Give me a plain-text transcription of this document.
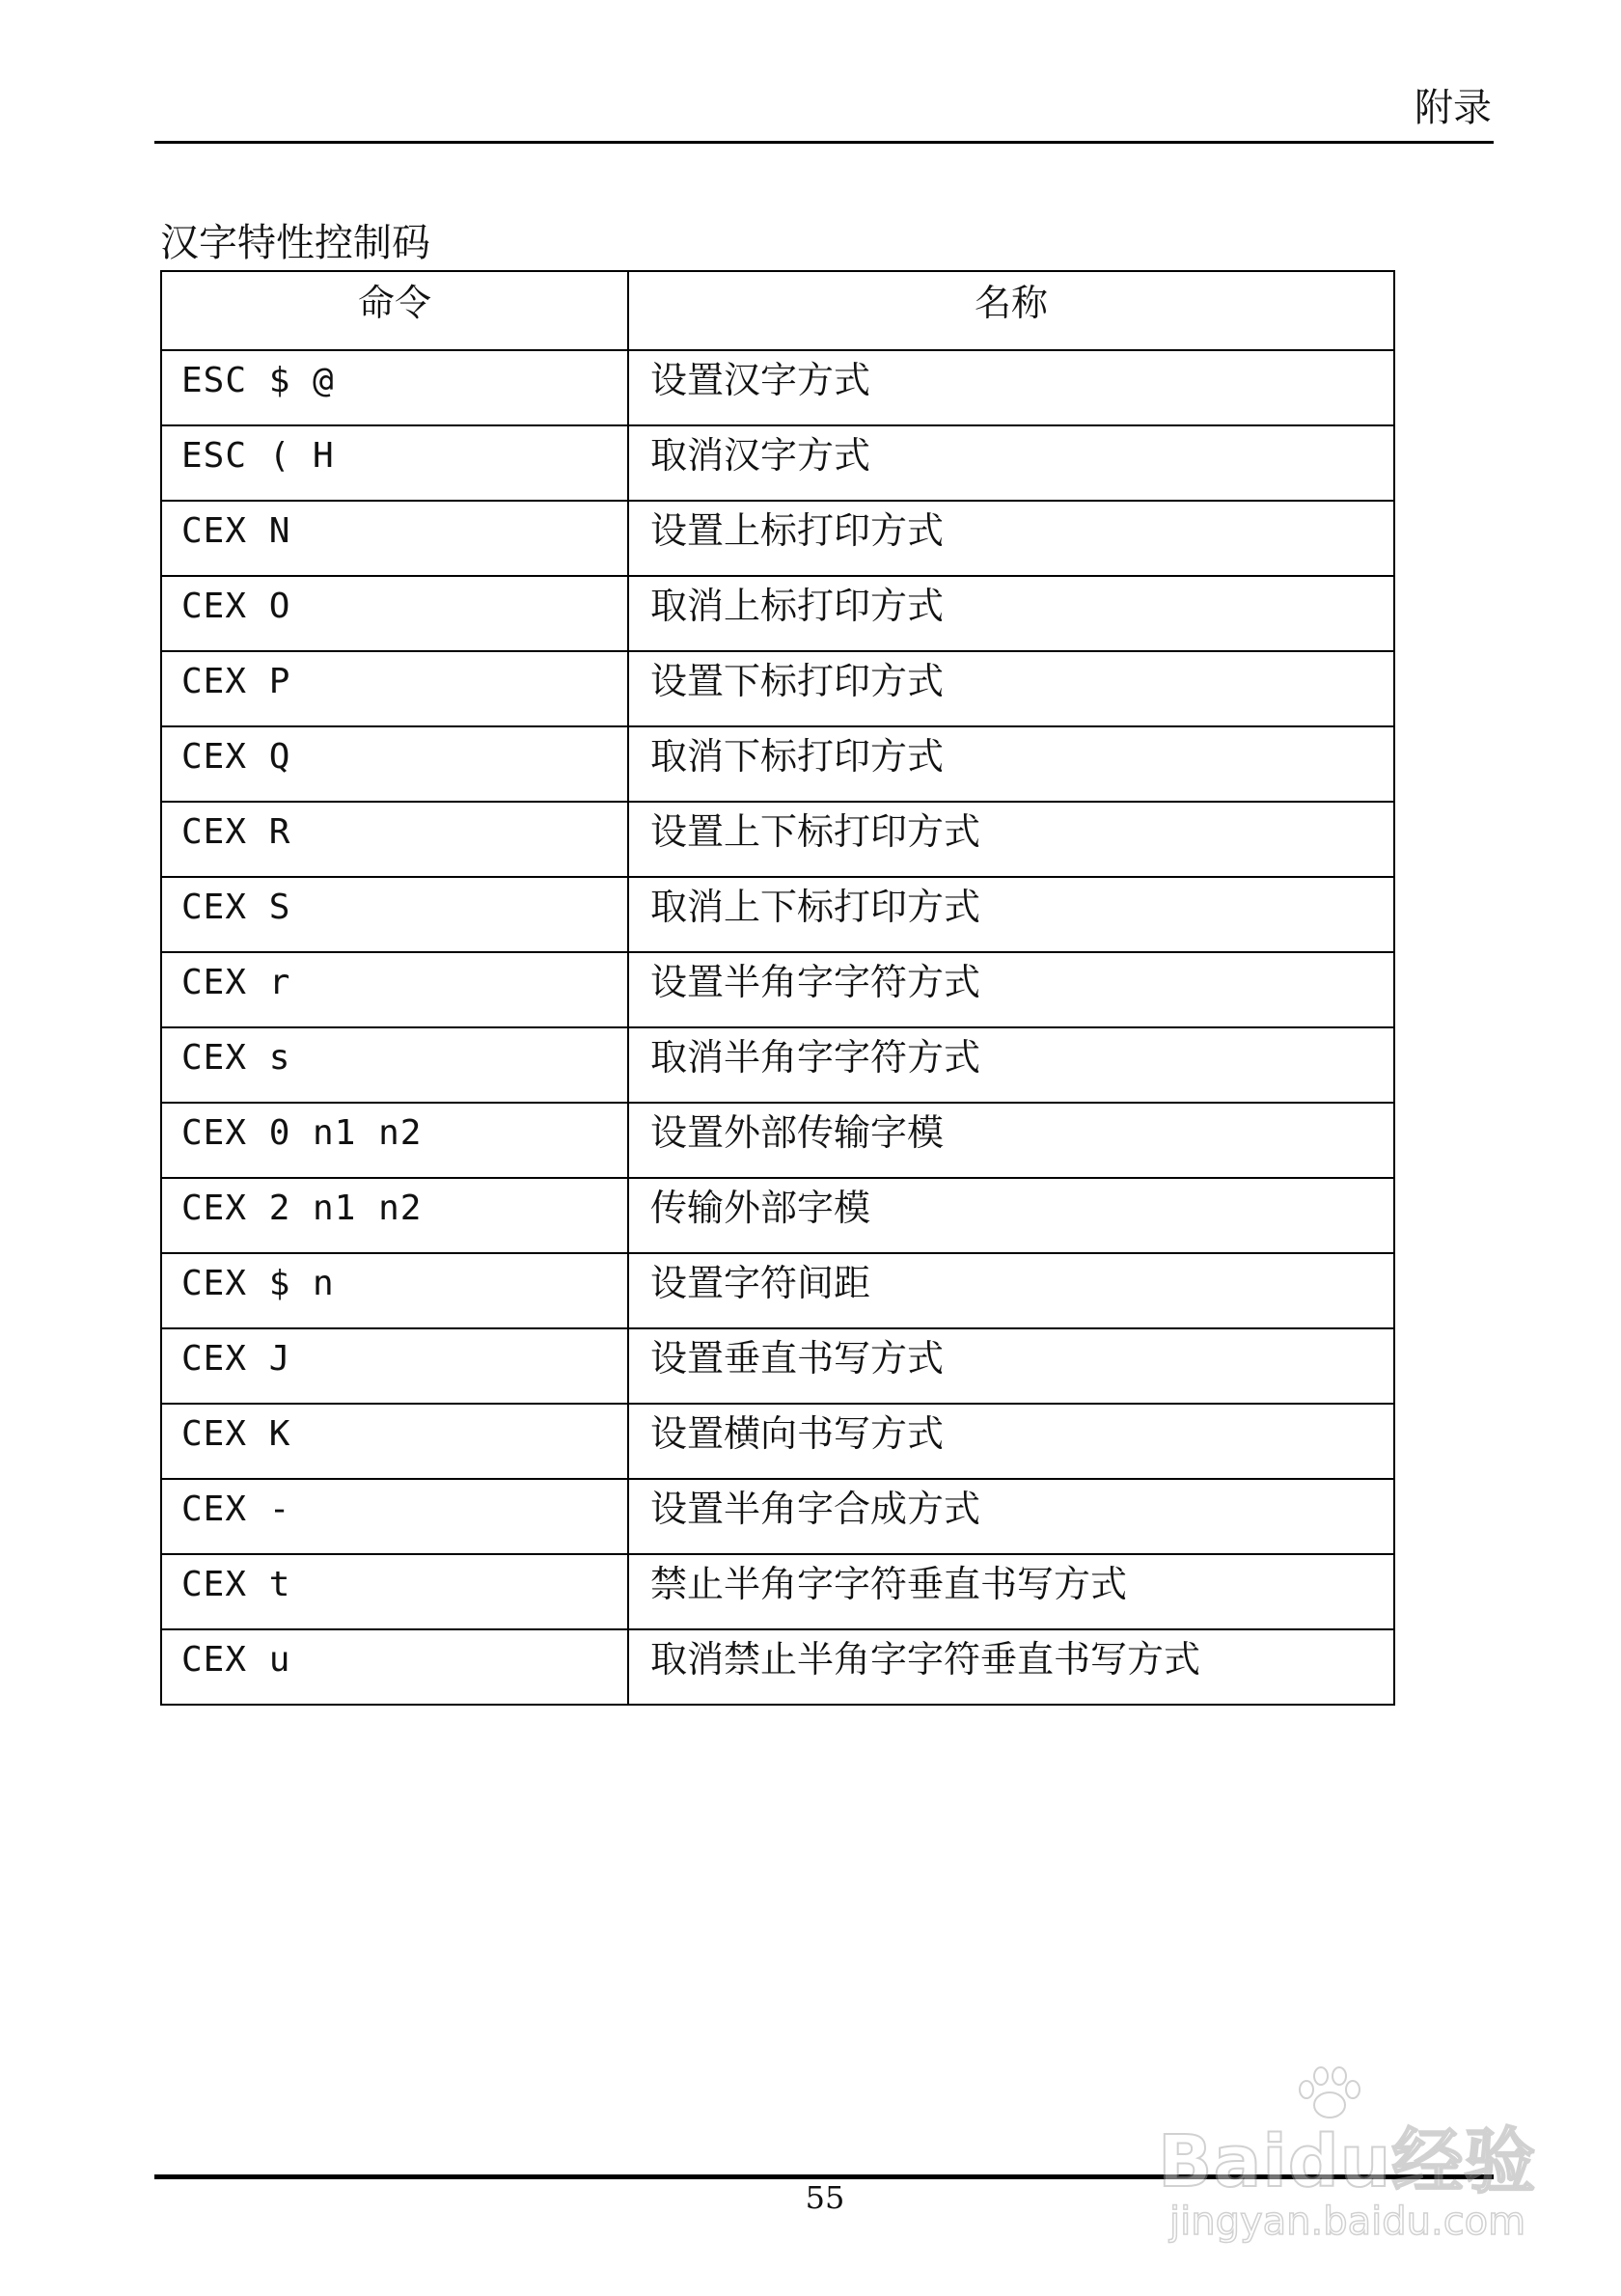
附录
汉字特性控制码
命令	名称
ESC $ @	设置汉字方式
ESC ( H	取消汉字方式
CEX N	设置上标打印方式
CEX O	取消上标打印方式
CEX P	设置下标打印方式
CEX Q	取消下标打印方式
CEX R	设置上下标打印方式
CEX S	取消上下标打印方式
CEX r	设置半角字字符方式
CEX s	取消半角字字符方式
CEX 0 n1 n2	设置外部传输字模
CEX 2 n1 n2	传输外部字模
CEX $ n	设置字符间距
CEX J	设置垂直书写方式
CEX K	设置横向书写方式
CEX -	设置半角字合成方式
CEX t	禁止半角字字符垂直书写方式
CEX u	取消禁止半角字字符垂直书写方式
55	Baidu经验
jingyan.baidu.com
